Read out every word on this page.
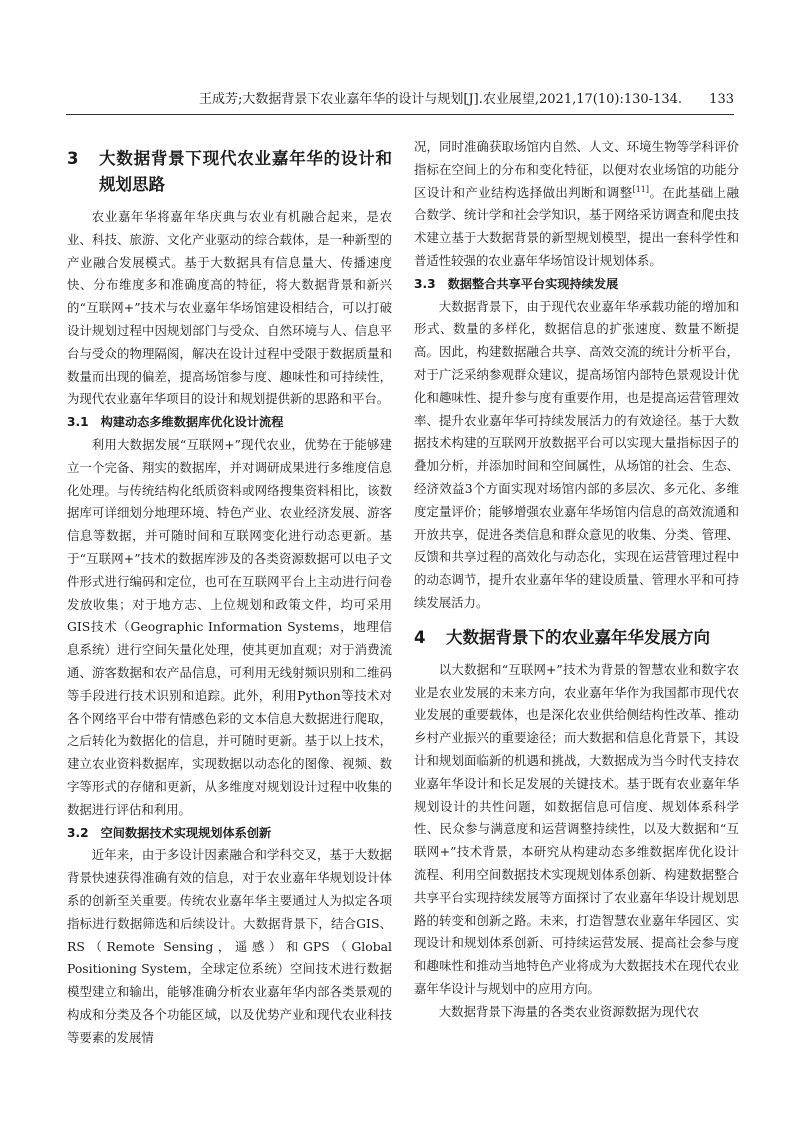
王成芳;大数据背景下农业嘉年华的设计与规划[J].农业展望,2021,17(10):130-134. 133
3	大数据背景下现代农业嘉年华的设计和规划思路

农业嘉年华将嘉年华庆典与农业有机融合起来，是农业、科技、旅游、文化产业驱动的综合载体，是一种新型的产业融合发展模式。基于大数据具有信息量大、传播速度快、分布维度多和准确度高的特征，将大数据背景和新兴的“互联网+”技术与农业嘉年华场馆建设相结合，可以打破设计规划过程中因规划部门与受众、自然环境与人、信息平台与受众的物理隔阂，解决在设计过程中受限于数据质量和数量而出现的偏差，提高场馆参与度、趣味性和可持续性，为现代农业嘉年华项目的设计和规划提供新的思路和平台。

3.1 构建动态多维数据库优化设计流程

利用大数据发展“互联网+”现代农业，优势在于能够建立一个完备、翔实的数据库，并对调研成果进行多维度信息化处理。与传统结构化纸质资料或网络搜集资料相比，该数据库可详细划分地理环境、特色产业、农业经济发展、游客信息等数据，并可随时间和互联网变化进行动态更新。基于“互联网+”技术的数据库涉及的各类资源数据可以电子文件形式进行编码和定位，也可在互联网平台上主动进行问卷发放收集；对于地方志、上位规划和政策文件，均可采用GIS技术（Geographic Information Systems，地理信息系统）进行空间矢量化处理，使其更加直观；对于消费流通、游客数据和农产品信息，可利用无线射频识别和二维码等手段进行技术识别和追踪。此外，利用Python等技术对各个网络平台中带有情感色彩的文本信息大数据进行爬取，之后转化为数据化的信息，并可随时更新。基于以上技术，建立农业资料数据库，实现数据以动态化的图像、视频、数字等形式的存储和更新，从多维度对规划设计过程中收集的数据进行评估和利用。

3.2 空间数据技术实现规划体系创新

近年来，由于多设计因素融合和学科交叉，基于大数据背景快速获得准确有效的信息，对于农业嘉年华规划设计体系的创新至关重要。传统农业嘉年华主要通过人为拟定各项指标进行数据筛选和后续设计。大数据背景下，结合GIS、RS（Remote Sensing，遥感）和GPS（Global Positioning System，全球定位系统）空间技术进行数据模型建立和输出，能够准确分析农业嘉年华内部各类景观的构成和分类及各个功能区域，以及优势产业和现代农业科技等要素的发展情

况，同时准确获取场馆内自然、人文、环境生物等学科评价指标在空间上的分布和变化特征，以便对农业场馆的功能分区设计和产业结构选择做出判断和调整[11]。在此基础上融合数学、统计学和社会学知识，基于网络采访调查和爬虫技术建立基于大数据背景的新型规划模型，提出一套科学性和普适性较强的农业嘉年华场馆设计规划体系。

3.3 数据整合共享平台实现持续发展

大数据背景下，由于现代农业嘉年华承载功能的增加和形式、数量的多样化，数据信息的扩张速度、数量不断提高。因此，构建数据融合共享、高效交流的统计分析平台，对于广泛采纳参观群众建议，提高场馆内部特色景观设计优化和趣味性、提升参与度有重要作用，也是提高运营管理效率、提升农业嘉年华可持续发展活力的有效途径。基于大数据技术构建的互联网开放数据平台可以实现大量指标因子的叠加分析，并添加时间和空间属性，从场馆的社会、生态、经济效益3个方面实现对场馆内部的多层次、多元化、多维度定量评价；能够增强农业嘉年华场馆内信息的高效流通和开放共享，促进各类信息和群众意见的收集、分类、管理、反馈和共享过程的高效化与动态化，实现在运营管理过程中的动态调节，提升农业嘉年华的建设质量、管理水平和可持续发展活力。

4	大数据背景下的农业嘉年华发展方向

以大数据和“互联网+”技术为背景的智慧农业和数字农业是农业发展的未来方向，农业嘉年华作为我国都市现代农业发展的重要载体，也是深化农业供给侧结构性改革、推动乡村产业振兴的重要途径；而大数据和信息化背景下，其设计和规划面临新的机遇和挑战，大数据成为当今时代支持农业嘉年华设计和长足发展的关键技术。基于既有农业嘉年华规划设计的共性问题，如数据信息可信度、规划体系科学性、民众参与满意度和运营调整持续性，以及大数据和“互联网+”技术背景，本研究从构建动态多维数据库优化设计流程、利用空间数据技术实现规划体系创新、构建数据整合共享平台实现持续发展等方面探讨了农业嘉年华设计规划思路的转变和创新之路。未来，打造智慧农业嘉年华园区、实现设计和规划体系创新、可持续运营发展、提高社会参与度和趣味性和推动当地特色产业将成为大数据技术在现代农业嘉年华设计与规划中的应用方向。

大数据背景下海量的各类农业资源数据为现代农
